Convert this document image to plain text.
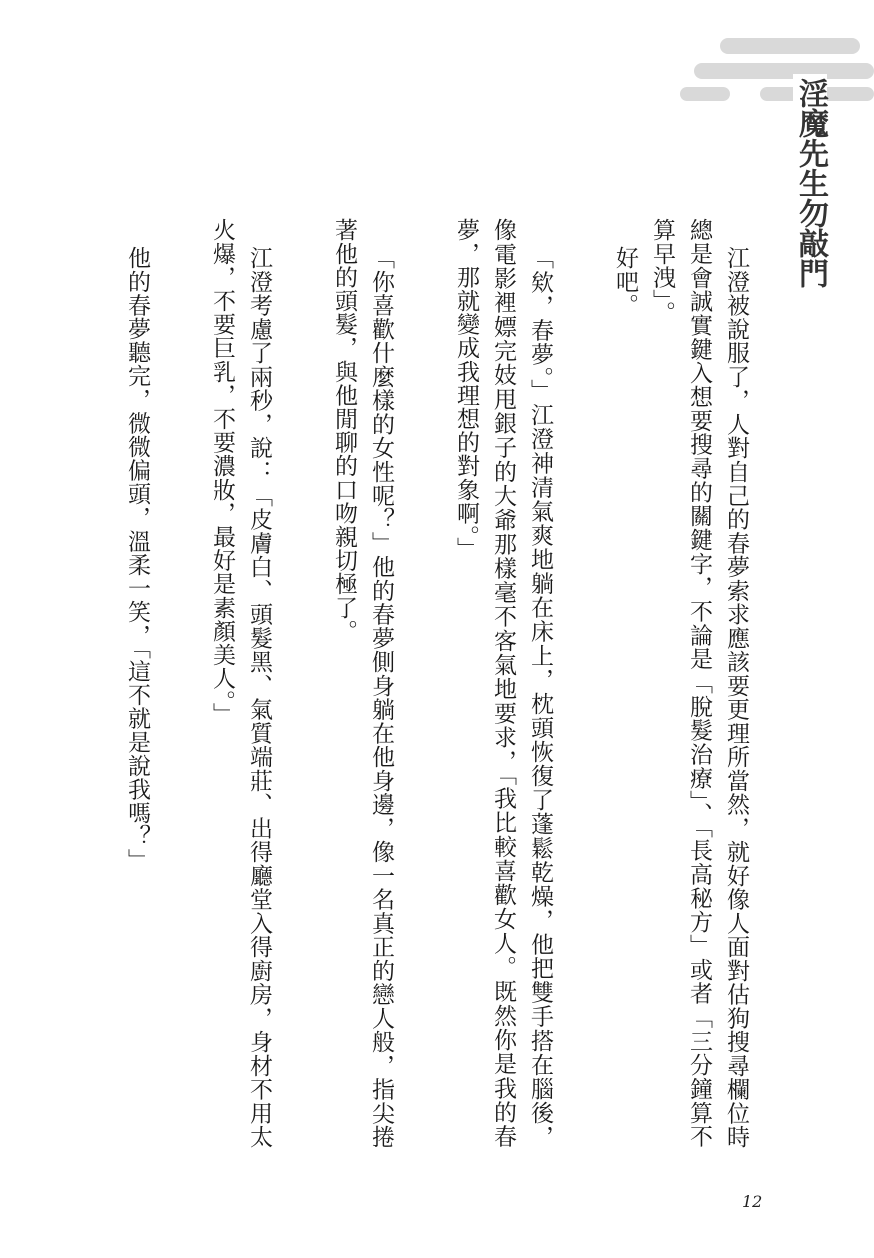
淫魔先生勿敲門

江澄被說服了，人對自己的春夢索求應該要更理所當然，就好像人面對估狗搜尋欄位時總是會誠實鍵入想要搜尋的關鍵字，不論是「脫髮治療」、「長高秘方」或者「三分鐘算不算早洩」。

好吧。

「欸，春夢。」江澄神清氣爽地躺在床上，枕頭恢復了蓬鬆乾燥，他把雙手搭在腦後，像電影裡嫖完妓甩銀子的大爺那樣毫不客氣地要求，「我比較喜歡女人。既然你是我的春夢，那就變成我理想的對象啊。」

「你喜歡什麼樣的女性呢？」他的春夢側身躺在他身邊，像一名真正的戀人般，指尖捲著他的頭髮，與他閒聊的口吻親切極了。

江澄考慮了兩秒，說：「皮膚白、頭髮黑、氣質端莊、出得廳堂入得廚房，身材不用太火爆，不要巨乳，不要濃妝，最好是素顏美人。」

他的春夢聽完，微微偏頭，溫柔一笑，「這不就是說我嗎？」

12
